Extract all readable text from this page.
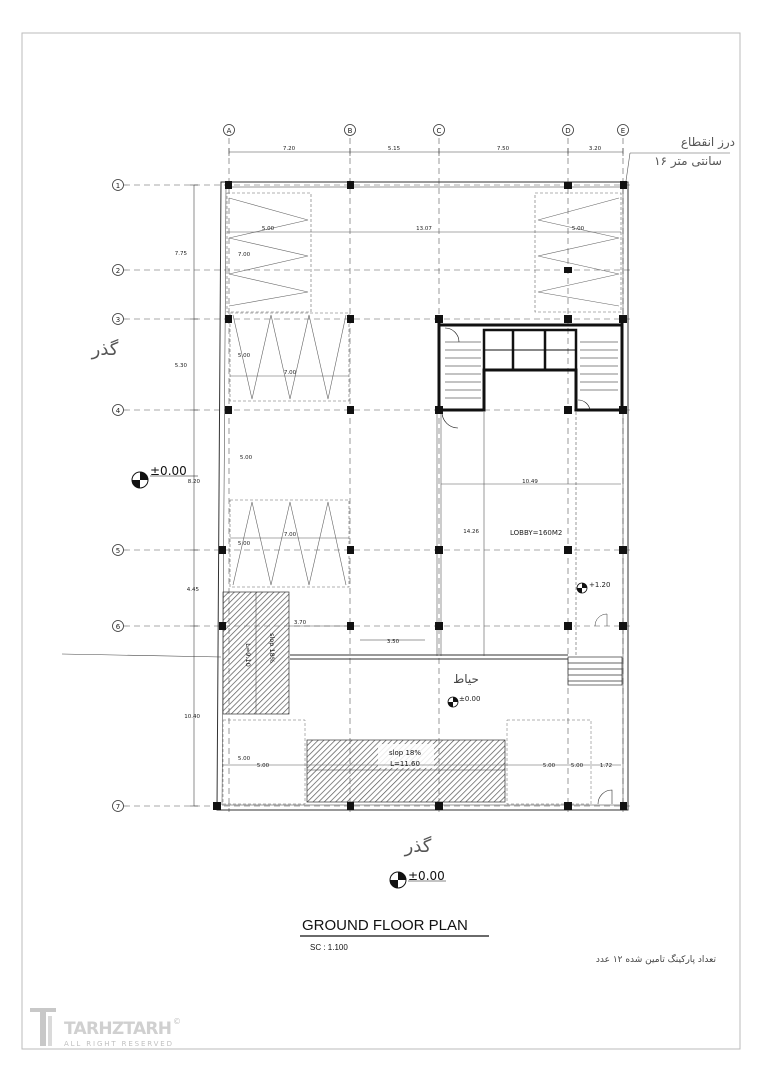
A	B	C	D	E
1
2
3
4
5
6
7
7.20	5.15	7.50	3.20
7.75
5.30
8.20
4.45
10.40
5.00	13.07	5.00
7.00
7.00
5.00
5.00
7.00
5.00
10.49
14.26	LOBBY=160M2
+1.20
3.50
slop 18%
L=9.10
3.70
slop 18%
L=11.60
5.00
5.00	5.00	5.00	1.72
گذر
گذر
حیاط
درز انقطاع
۱۶ سانتی متر
±0.00
±0.00
±0.00
GROUND FLOOR PLAN
SC : 1.100
تعداد پارکینگ تامین شده ۱۲ عدد
TARHZTARH
ALL RIGHT RESERVED
©
